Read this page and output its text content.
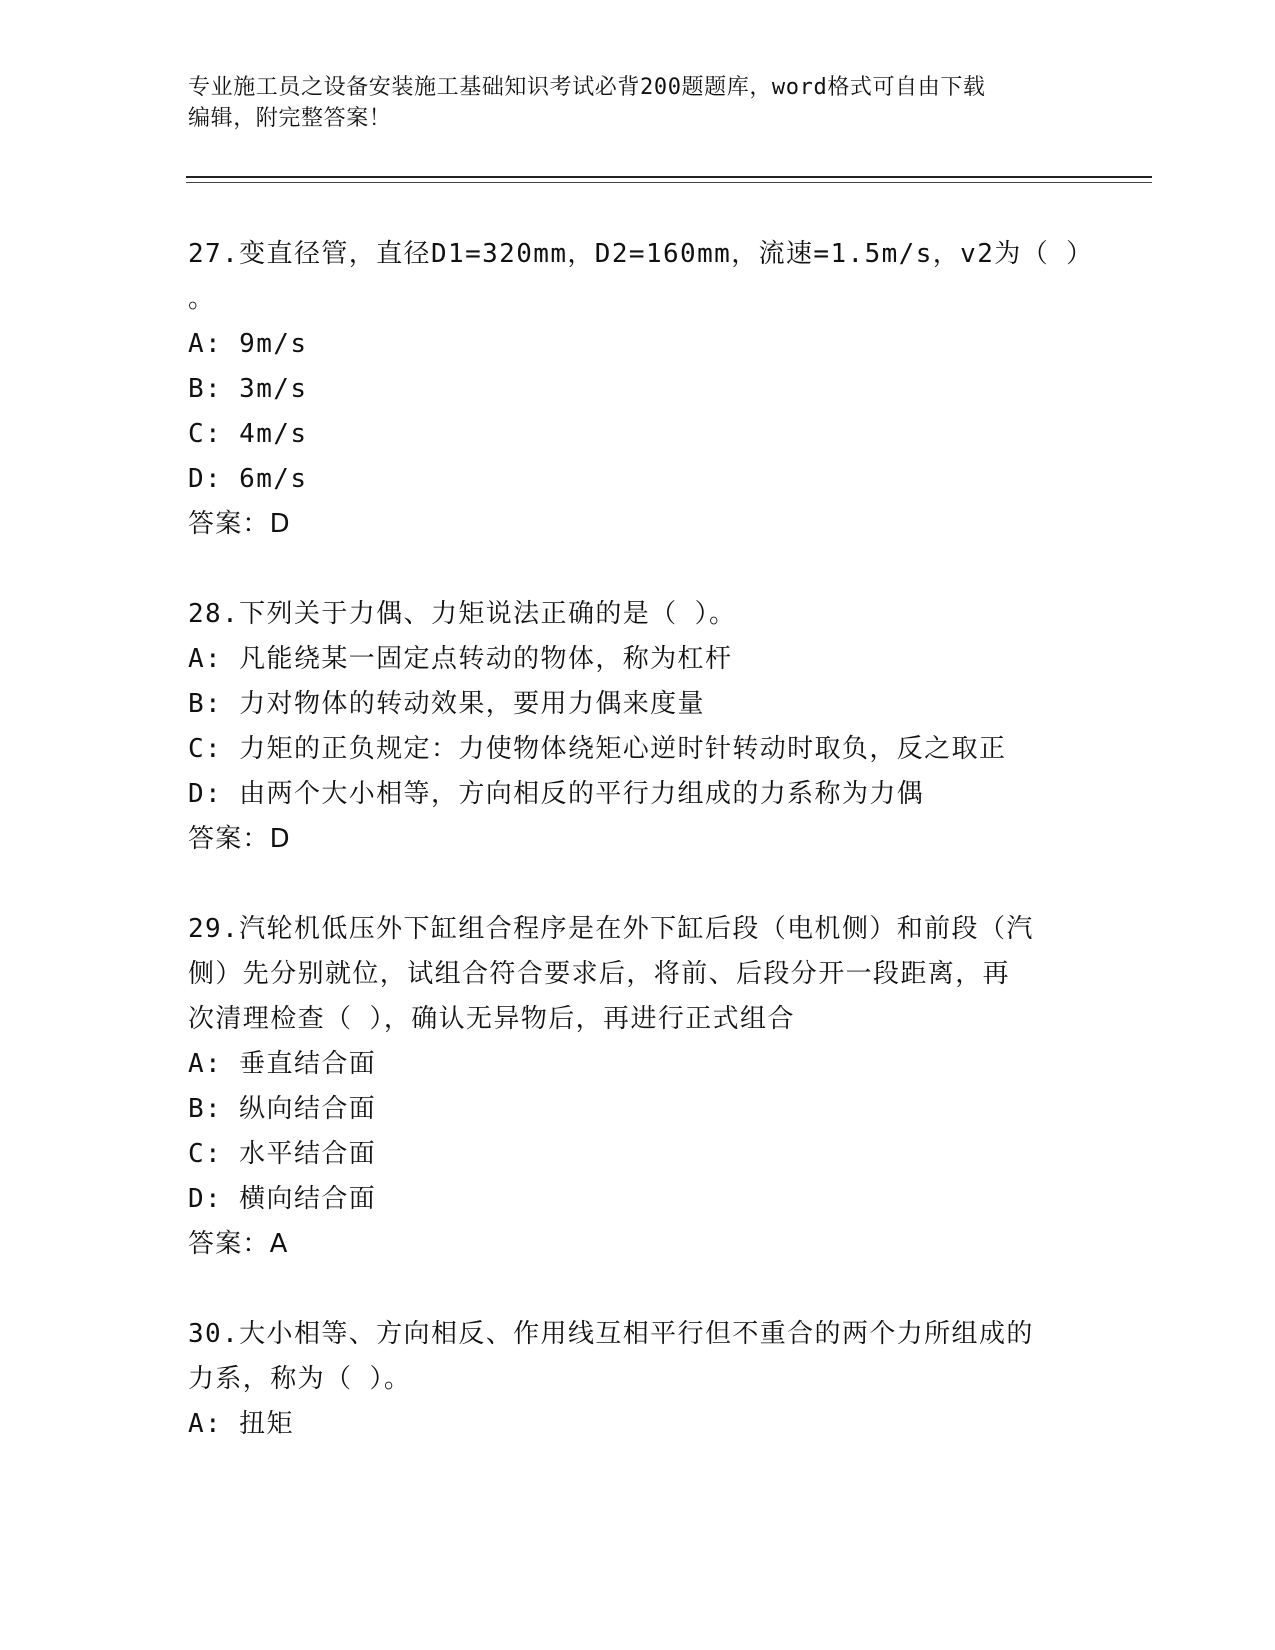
专业施工员之设备安装施工基础知识考试必背200题题库，word格式可自由下载
编辑，附完整答案！
27.变直径管，直径D1=320mm，D2=160mm，流速=1.5m/s，v2为（ ）
。
A: 9m/s
B: 3m/s
C: 4m/s
D: 6m/s
答案：D
28.下列关于力偶、力矩说法正确的是（ ）。
A: 凡能绕某一固定点转动的物体，称为杠杆
B: 力对物体的转动效果，要用力偶来度量
C: 力矩的正负规定：力使物体绕矩心逆时针转动时取负，反之取正
D: 由两个大小相等，方向相反的平行力组成的力系称为力偶
答案：D
29.汽轮机低压外下缸组合程序是在外下缸后段（电机侧）和前段（汽
侧）先分别就位，试组合符合要求后，将前、后段分开一段距离，再
次清理检查（ ），确认无异物后，再进行正式组合
A: 垂直结合面
B: 纵向结合面
C: 水平结合面
D: 横向结合面
答案：A
30.大小相等、方向相反、作用线互相平行但不重合的两个力所组成的
力系，称为（ ）。
A: 扭矩
